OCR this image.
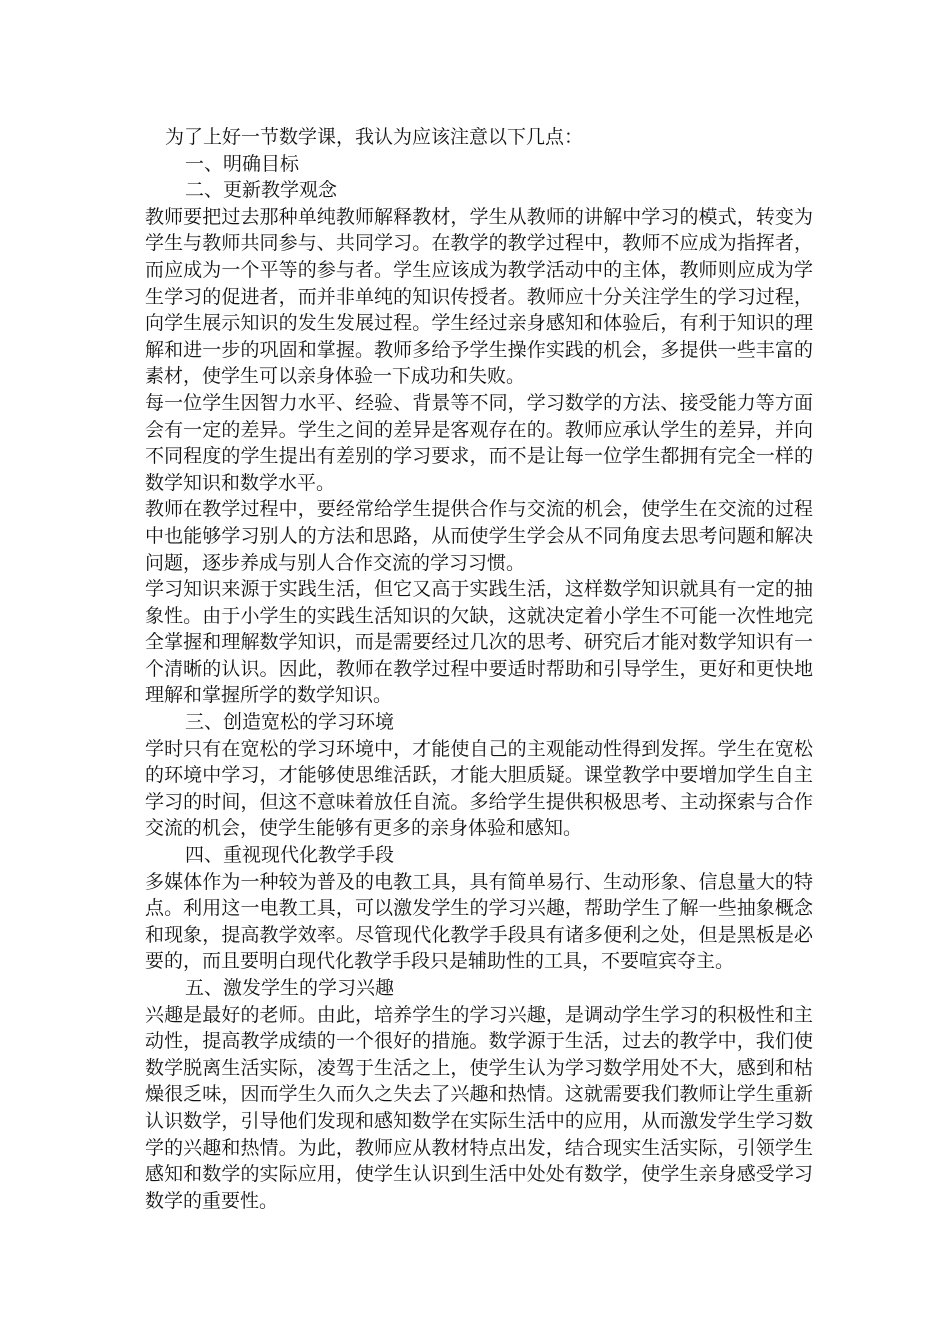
为了上好一节数学课，我认为应该注意以下几点：

一、明确目标

二、更新教学观念

教师要把过去那种单纯教师解释教材，学生从教师的讲解中学习的模式，转变为学生与教师共同参与、共同学习。在教学的教学过程中，教师不应成为指挥者，而应成为一个平等的参与者。学生应该成为教学活动中的主体，教师则应成为学生学习的促进者，而并非单纯的知识传授者。教师应十分关注学生的学习过程，向学生展示知识的发生发展过程。学生经过亲身感知和体验后，有利于知识的理解和进一步的巩固和掌握。教师多给予学生操作实践的机会，多提供一些丰富的素材，使学生可以亲身体验一下成功和失败。

每一位学生因智力水平、经验、背景等不同，学习数学的方法、接受能力等方面会有一定的差异。学生之间的差异是客观存在的。教师应承认学生的差异，并向不同程度的学生提出有差别的学习要求，而不是让每一位学生都拥有完全一样的数学知识和数学水平。

教师在教学过程中，要经常给学生提供合作与交流的机会，使学生在交流的过程中也能够学习别人的方法和思路，从而使学生学会从不同角度去思考问题和解决问题，逐步养成与别人合作交流的学习习惯。

学习知识来源于实践生活，但它又高于实践生活，这样数学知识就具有一定的抽象性。由于小学生的实践生活知识的欠缺，这就决定着小学生不可能一次性地完全掌握和理解数学知识，而是需要经过几次的思考、研究后才能对数学知识有一个清晰的认识。因此，教师在教学过程中要适时帮助和引导学生，更好和更快地理解和掌握所学的数学知识。

三、创造宽松的学习环境

学时只有在宽松的学习环境中，才能使自己的主观能动性得到发挥。学生在宽松的环境中学习，才能够使思维活跃，才能大胆质疑。课堂教学中要增加学生自主学习的时间，但这不意味着放任自流。多给学生提供积极思考、主动探索与合作交流的机会，使学生能够有更多的亲身体验和感知。

四、重视现代化教学手段

多媒体作为一种较为普及的电教工具，具有简单易行、生动形象、信息量大的特点。利用这一电教工具，可以激发学生的学习兴趣，帮助学生了解一些抽象概念和现象，提高教学效率。尽管现代化教学手段具有诸多便利之处，但是黑板是必要的，而且要明白现代化教学手段只是辅助性的工具，不要喧宾夺主。

五、激发学生的学习兴趣

兴趣是最好的老师。由此，培养学生的学习兴趣，是调动学生学习的积极性和主动性，提高教学成绩的一个很好的措施。数学源于生活，过去的教学中，我们使数学脱离生活实际，凌驾于生活之上，使学生认为学习数学用处不大，感到和枯燥很乏味，因而学生久而久之失去了兴趣和热情。这就需要我们教师让学生重新认识数学，引导他们发现和感知数学在实际生活中的应用，从而激发学生学习数学的兴趣和热情。为此，教师应从教材特点出发，结合现实生活实际，引领学生感知和数学的实际应用，使学生认识到生活中处处有数学，使学生亲身感受学习数学的重要性。
